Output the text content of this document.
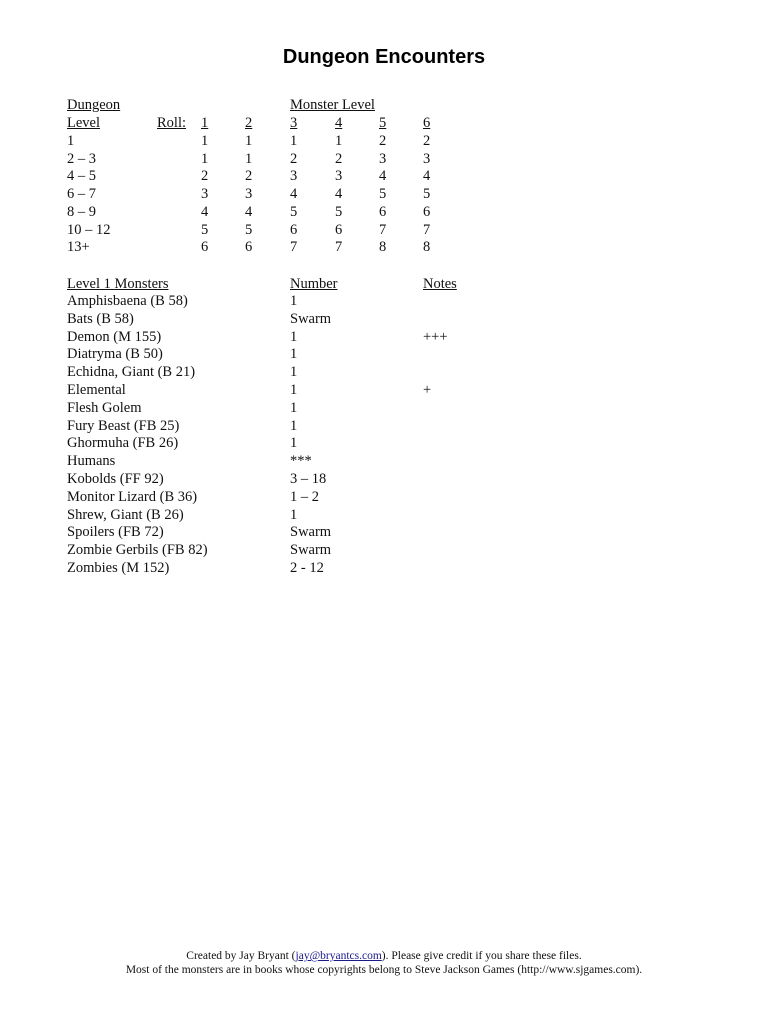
Dungeon Encounters
Dungeon	Monster Level
Level	Roll: 1	2	3	4	5	6
1	1	1	1	1	2	2
2 – 3	1	1	2	2	3	3
4 – 5	2	2	3	3	4	4
6 – 7	3	3	4	4	5	5
8 – 9	4	4	5	5	6	6
10 – 12	5	5	6	6	7	7
13+	6	6	7	7	8	8
Level 1 Monsters	Number	Notes
Amphisbaena (B 58)	1
Bats (B 58)	Swarm
Demon (M 155)	1	+++
Diatryma (B 50)	1
Echidna, Giant (B 21)	1
Elemental	1	+
Flesh Golem	1
Fury Beast (FB 25)	1
Ghormuha (FB 26)	1
Humans	***
Kobolds (FF 92)	3 – 18
Monitor Lizard (B 36)	1 – 2
Shrew, Giant (B 26)	1
Spoilers (FB 72)	Swarm
Zombie Gerbils (FB 82)	Swarm
Zombies (M 152)	2 - 12
Created by Jay Bryant (jay@bryantcs.com). Please give credit if you share these files.
Most of the monsters are in books whose copyrights belong to Steve Jackson Games (http://www.sjgames.com).
